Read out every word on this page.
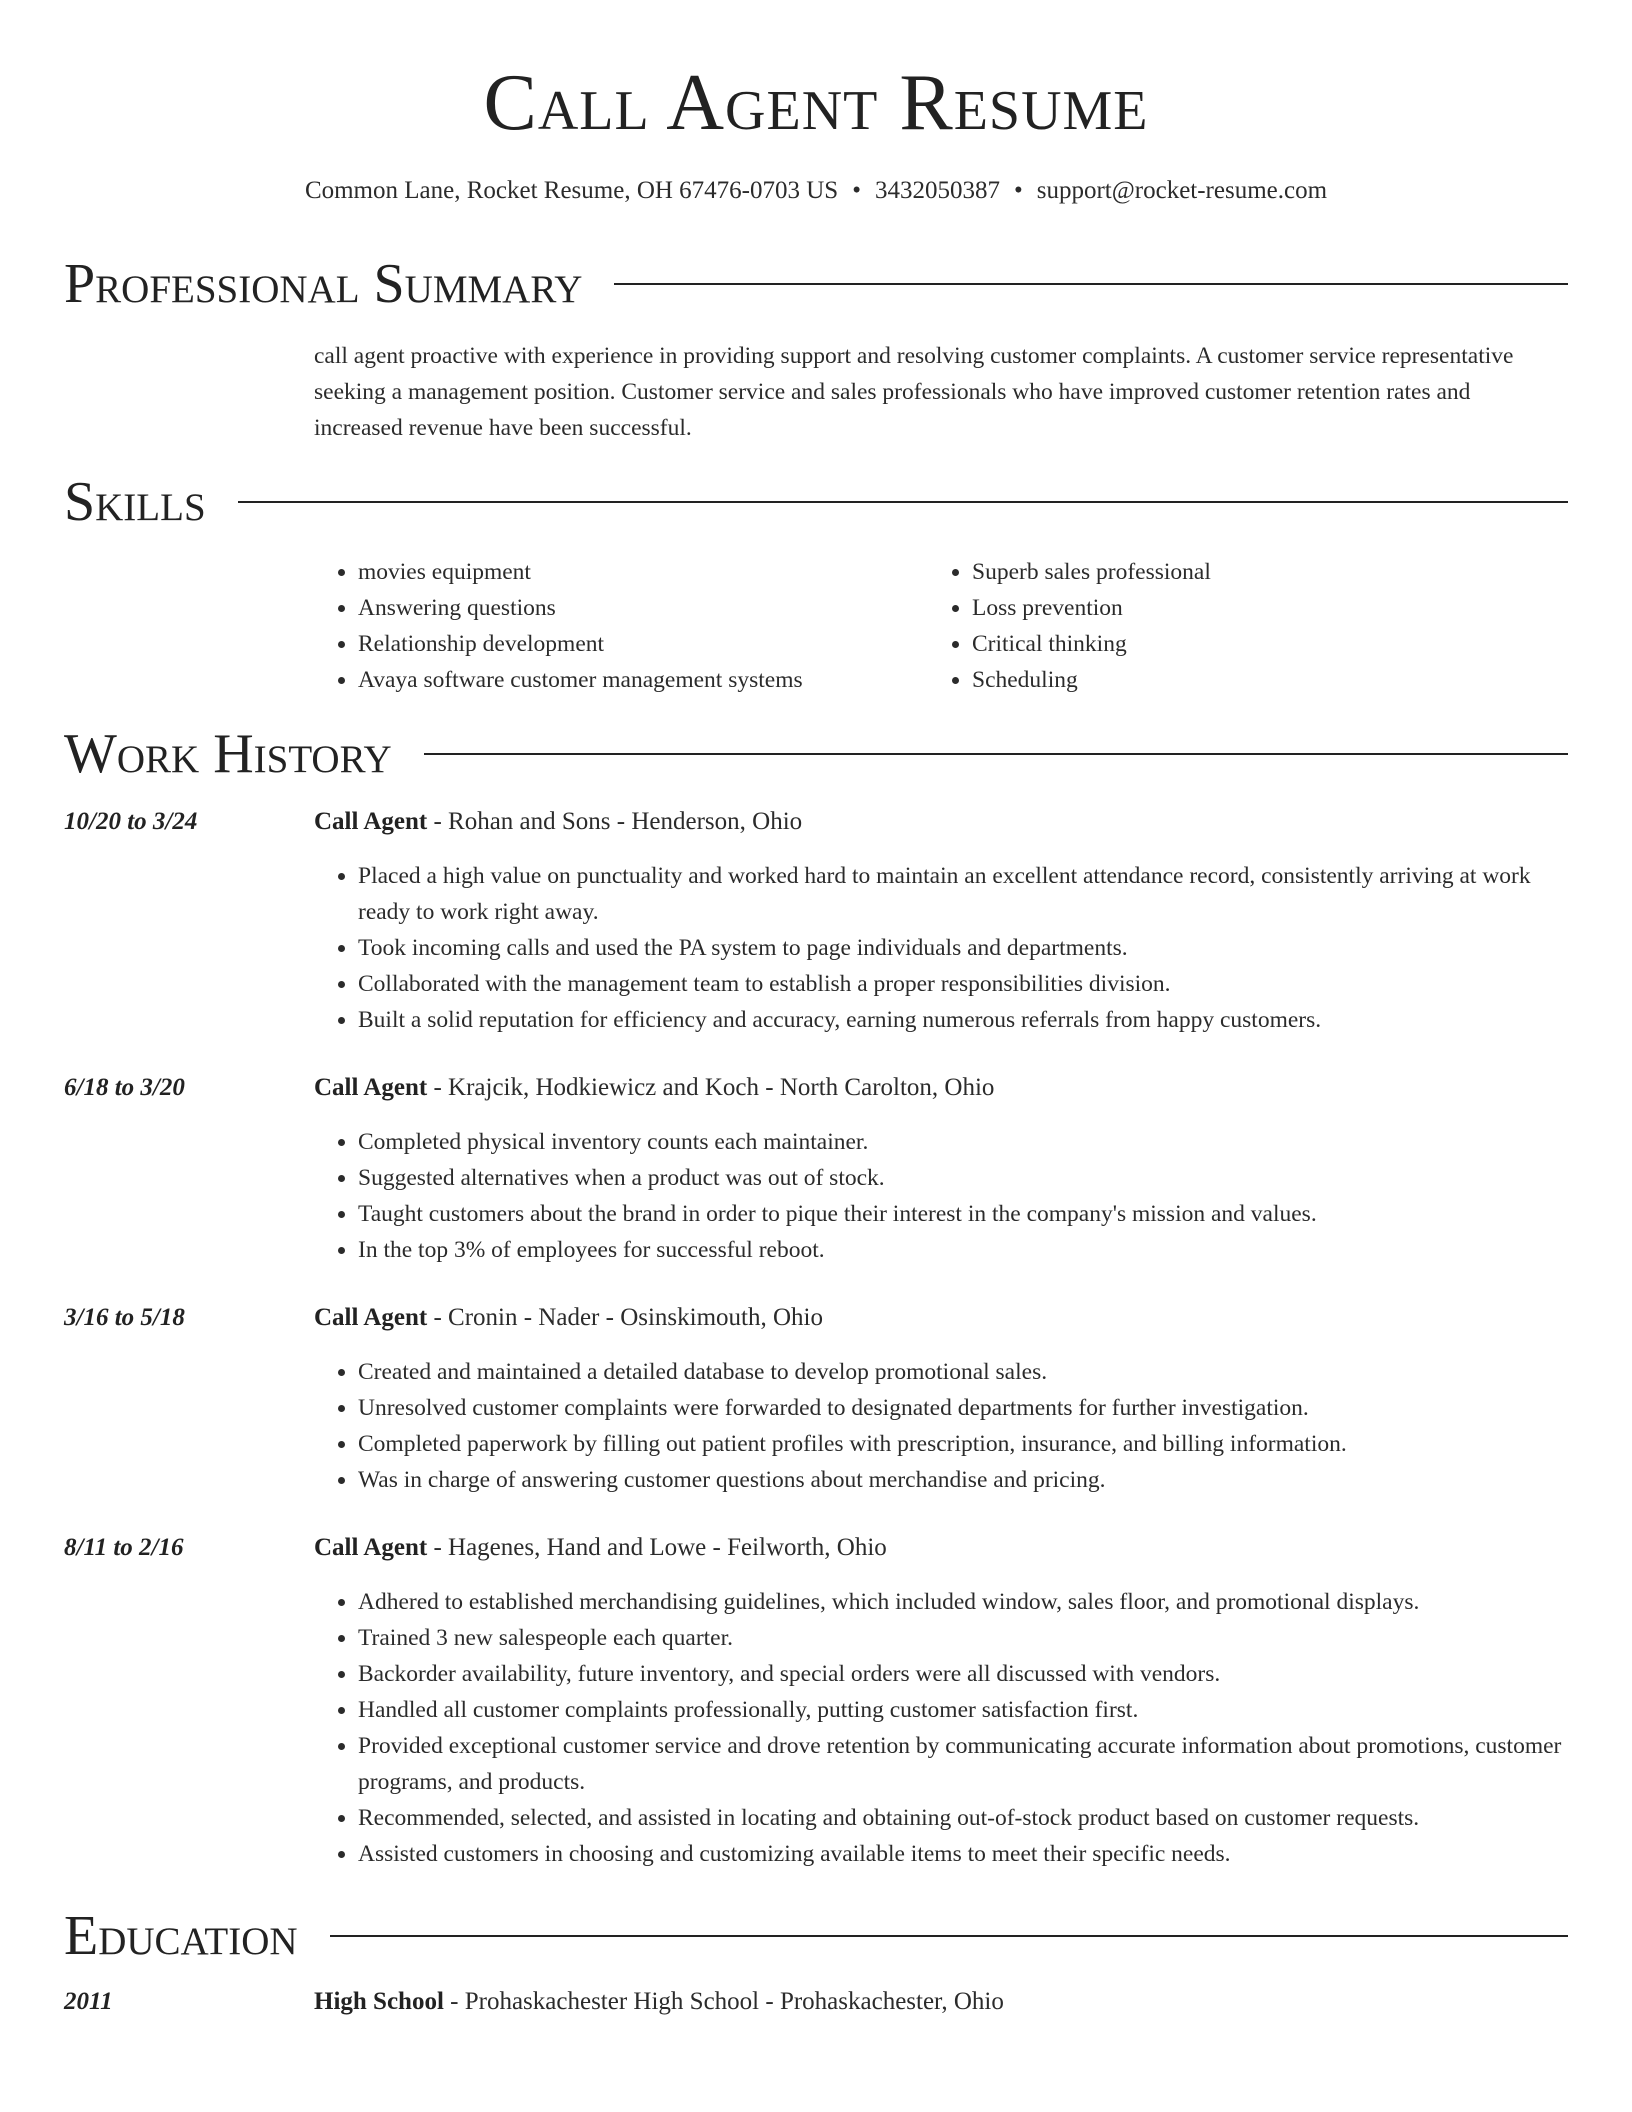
Call Agent Resume
Common Lane, Rocket Resume, OH 67476-0703 US • 3432050387 • support@rocket-resume.com
Professional Summary
call agent proactive with experience in providing support and resolving customer complaints. A customer service representative seeking a management position. Customer service and sales professionals who have improved customer retention rates and increased revenue have been successful.
Skills
• movies equipment
• Answering questions
• Relationship development
• Avaya software customer management systems
• Superb sales professional
• Loss prevention
• Critical thinking
• Scheduling
Work History
10/20 to 3/24	Call Agent - Rohan and Sons - Henderson, Ohio
• Placed a high value on punctuality and worked hard to maintain an excellent attendance record, consistently arriving at work ready to work right away.
• Took incoming calls and used the PA system to page individuals and departments.
• Collaborated with the management team to establish a proper responsibilities division.
• Built a solid reputation for efficiency and accuracy, earning numerous referrals from happy customers.
6/18 to 3/20	Call Agent - Krajcik, Hodkiewicz and Koch - North Carolton, Ohio
• Completed physical inventory counts each maintainer.
• Suggested alternatives when a product was out of stock.
• Taught customers about the brand in order to pique their interest in the company's mission and values.
• In the top 3% of employees for successful reboot.
3/16 to 5/18	Call Agent - Cronin - Nader - Osinskimouth, Ohio
• Created and maintained a detailed database to develop promotional sales.
• Unresolved customer complaints were forwarded to designated departments for further investigation.
• Completed paperwork by filling out patient profiles with prescription, insurance, and billing information.
• Was in charge of answering customer questions about merchandise and pricing.
8/11 to 2/16	Call Agent - Hagenes, Hand and Lowe - Feilworth, Ohio
• Adhered to established merchandising guidelines, which included window, sales floor, and promotional displays.
• Trained 3 new salespeople each quarter.
• Backorder availability, future inventory, and special orders were all discussed with vendors.
• Handled all customer complaints professionally, putting customer satisfaction first.
• Provided exceptional customer service and drove retention by communicating accurate information about promotions, customer programs, and products.
• Recommended, selected, and assisted in locating and obtaining out-of-stock product based on customer requests.
• Assisted customers in choosing and customizing available items to meet their specific needs.
Education
2011	High School - Prohaskachester High School - Prohaskachester, Ohio
